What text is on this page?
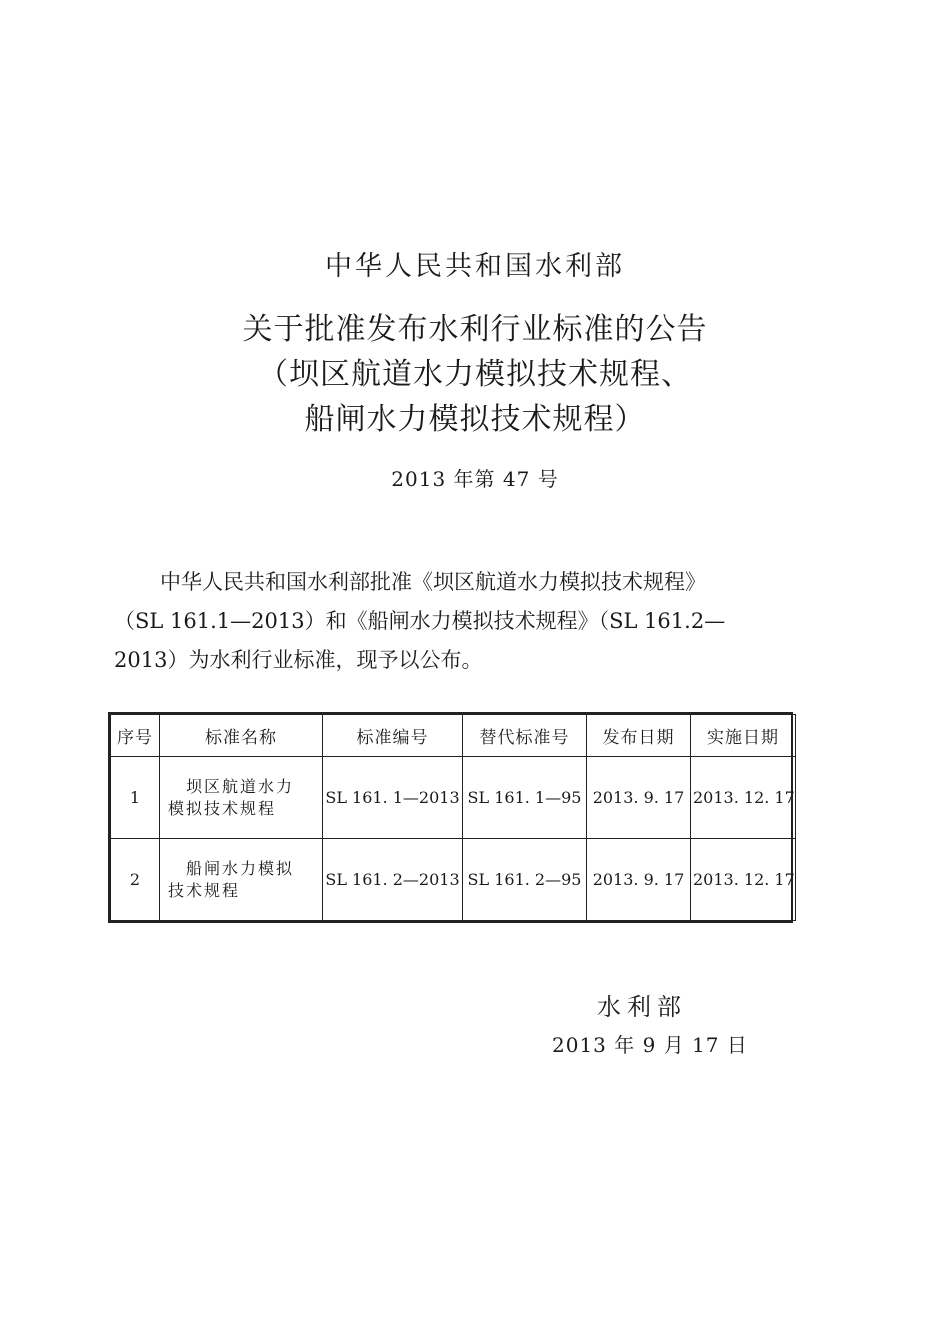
中华人民共和国水利部
关于批准发布水利行业标准的公告
（坝区航道水力模拟技术规程、
船闸水力模拟技术规程）
2013 年第 47 号
中华人民共和国水利部批准《坝区航道水力模拟技术规程》
（SL 161.1—2013）和《船闸水力模拟技术规程》（SL 161.2—
2013）为水利行业标准，现予以公布。
序号	标准名称	标准编号	替代标准号	发布日期	实施日期
1	坝区航道水力
模拟技术规程	SL 161. 1—2013	SL 161. 1—95	2013. 9. 17	2013. 12. 17
2	船闸水力模拟
技术规程	SL 161. 2—2013	SL 161. 2—95	2013. 9. 17	2013. 12. 17
水利部
2013 年 9 月 17 日
